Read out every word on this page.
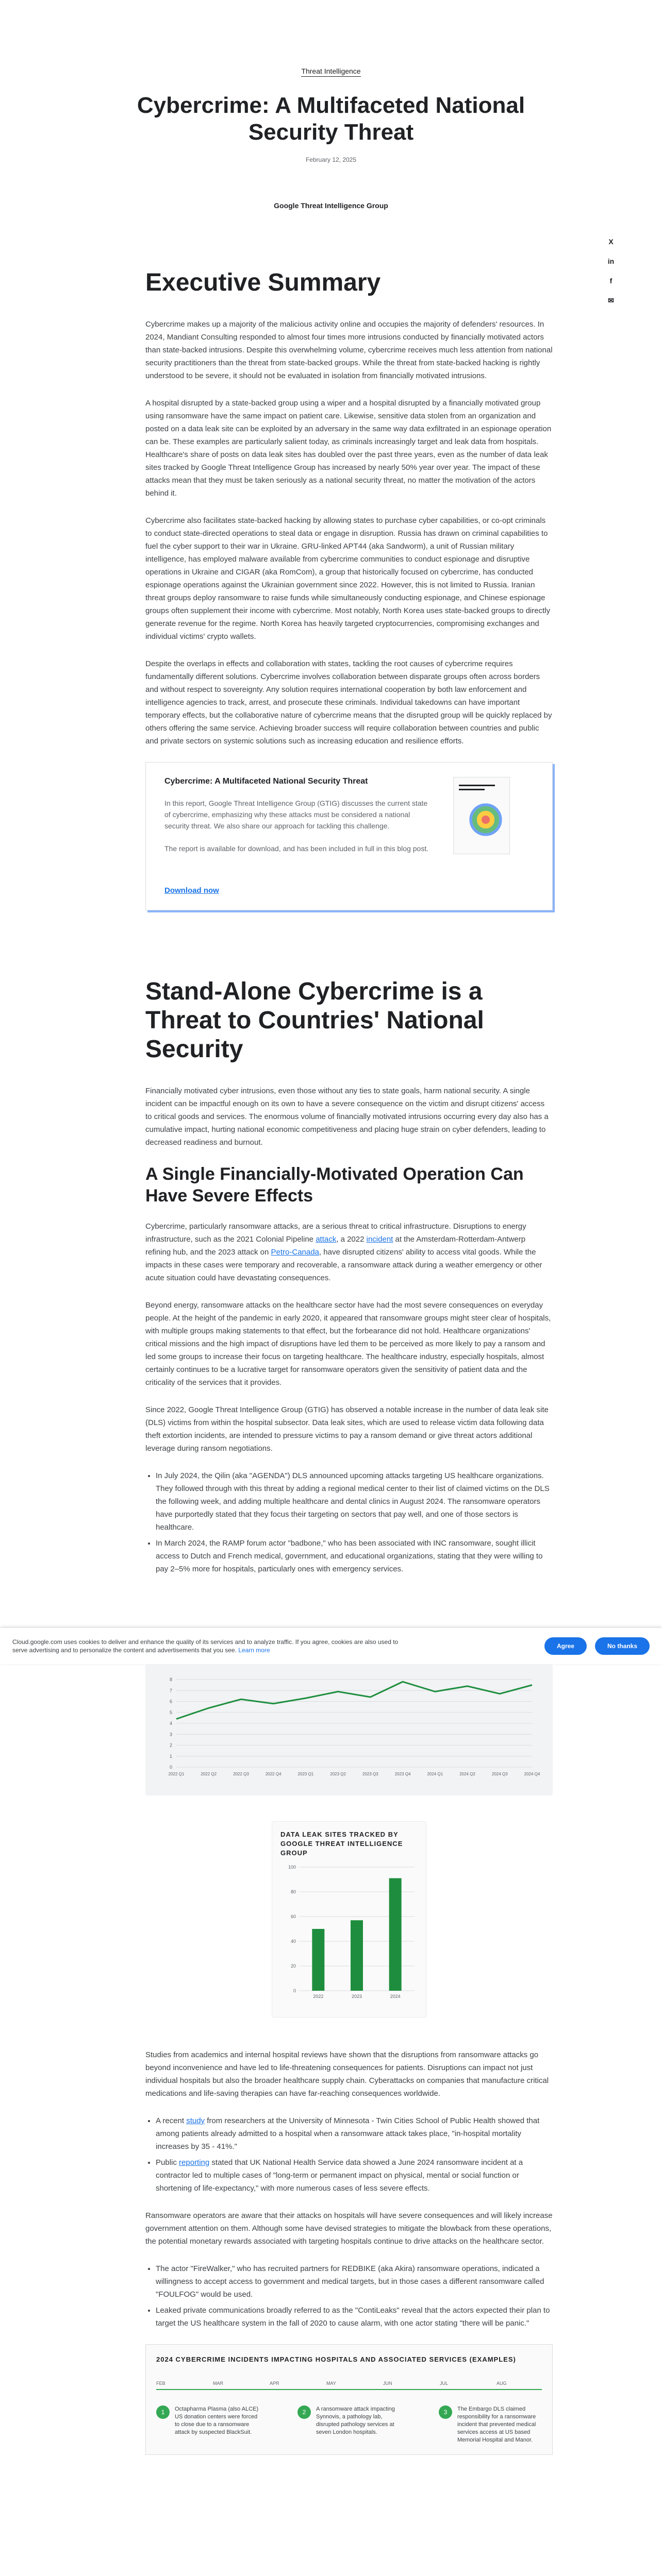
Threat Intelligence
Cybercrime: A Multifaceted National Security Threat
February 12, 2025
Google Threat Intelligence Group
X
in
f
✉
Executive Summary

Cybercrime makes up a majority of the malicious activity online and occupies the majority of defenders' resources. In 2024, Mandiant Consulting responded to almost four times more intrusions conducted by financially motivated actors than state-backed intrusions. Despite this overwhelming volume, cybercrime receives much less attention from national security practitioners than the threat from state-backed groups. While the threat from state-backed hacking is rightly understood to be severe, it should not be evaluated in isolation from financially motivated intrusions.

A hospital disrupted by a state-backed group using a wiper and a hospital disrupted by a financially motivated group using ransomware have the same impact on patient care. Likewise, sensitive data stolen from an organization and posted on a data leak site can be exploited by an adversary in the same way data exfiltrated in an espionage operation can be. These examples are particularly salient today, as criminals increasingly target and leak data from hospitals. Healthcare's share of posts on data leak sites has doubled over the past three years, even as the number of data leak sites tracked by Google Threat Intelligence Group has increased by nearly 50% year over year. The impact of these attacks mean that they must be taken seriously as a national security threat, no matter the motivation of the actors behind it.

Cybercrime also facilitates state-backed hacking by allowing states to purchase cyber capabilities, or co-opt criminals to conduct state-directed operations to steal data or engage in disruption. Russia has drawn on criminal capabilities to fuel the cyber support to their war in Ukraine. GRU-linked APT44 (aka Sandworm), a unit of Russian military intelligence, has employed malware available from cybercrime communities to conduct espionage and disruptive operations in Ukraine and CIGAR (aka RomCom), a group that historically focused on cybercrime, has conducted espionage operations against the Ukrainian government since 2022. However, this is not limited to Russia. Iranian threat groups deploy ransomware to raise funds while simultaneously conducting espionage, and Chinese espionage groups often supplement their income with cybercrime. Most notably, North Korea uses state-backed groups to directly generate revenue for the regime. North Korea has heavily targeted cryptocurrencies, compromising exchanges and individual victims' crypto wallets.

Despite the overlaps in effects and collaboration with states, tackling the root causes of cybercrime requires fundamentally different solutions. Cybercrime involves collaboration between disparate groups often across borders and without respect to sovereignty. Any solution requires international cooperation by both law enforcement and intelligence agencies to track, arrest, and prosecute these criminals. Individual takedowns can have important temporary effects, but the collaborative nature of cybercrime means that the disrupted group will be quickly replaced by others offering the same service. Achieving broader success will require collaboration between countries and public and private sectors on systemic solutions such as increasing education and resilience efforts.

Cybercrime: A Multifaceted National Security Threat
In this report, Google Threat Intelligence Group (GTIG) discusses the current state of cybercrime, emphasizing why these attacks must be considered a national security threat. We also share our approach for tackling this challenge.
The report is available for download, and has been included in full in this blog post.
Download now
Stand-Alone Cybercrime is a Threat to Countries' National Security

Financially motivated cyber intrusions, even those without any ties to state goals, harm national security. A single incident can be impactful enough on its own to have a severe consequence on the victim and disrupt citizens' access to critical goods and services. The enormous volume of financially motivated intrusions occurring every day also has a cumulative impact, hurting national economic competitiveness and placing huge strain on cyber defenders, leading to decreased readiness and burnout.

A Single Financially-Motivated Operation Can Have Severe Effects

Cybercrime, particularly ransomware attacks, are a serious threat to critical infrastructure. Disruptions to energy infrastructure, such as the 2021 Colonial Pipeline attack, a 2022 incident at the Amsterdam-Rotterdam-Antwerp refining hub, and the 2023 attack on Petro-Canada, have disrupted citizens' ability to access vital goods. While the impacts in these cases were temporary and recoverable, a ransomware attack during a weather emergency or other acute situation could have devastating consequences.

Beyond energy, ransomware attacks on the healthcare sector have had the most severe consequences on everyday people. At the height of the pandemic in early 2020, it appeared that ransomware groups might steer clear of hospitals, with multiple groups making statements to that effect, but the forbearance did not hold. Healthcare organizations' critical missions and the high impact of disruptions have led them to be perceived as more likely to pay a ransom and led some groups to increase their focus on targeting healthcare. The healthcare industry, especially hospitals, almost certainly continues to be a lucrative target for ransomware operators given the sensitivity of patient data and the criticality of the services that it provides.

Since 2022, Google Threat Intelligence Group (GTIG) has observed a notable increase in the number of data leak site (DLS) victims from within the hospital subsector. Data leak sites, which are used to release victim data following data theft extortion incidents, are intended to pressure victims to pay a ransom demand or give threat actors additional leverage during ransom negotiations.

• In July 2024, the Qilin (aka "AGENDA") DLS announced upcoming attacks targeting US healthcare organizations. They followed through with this threat by adding a regional medical center to their list of claimed victims on the DLS the following week, and adding multiple healthcare and dental clinics in August 2024. The ransomware operators have purportedly stated that they focus their targeting on sectors that pay well, and one of those sectors is healthcare.
• In March 2024, the RAMP forum actor "badbone," who has been associated with INC ransomware, sought illicit access to Dutch and French medical, government, and educational organizations, stating that they were willing to pay 2–5% more for hospitals, particularly ones with emergency services.
Cloud.google.com uses cookies to deliver and enhance the quality of its services and to analyze traffic. If you agree, cookies are also used to serve advertising and to personalize the content and advertisements that you see. Learn more
Agree	No thanks
0
1
2
3
4
5
6
7
8
2022 Q1	2022 Q2	2022 Q3	2022 Q4	2023 Q1	2023 Q2	2023 Q3	2023 Q4	2024 Q1	2024 Q2	2024 Q3	2024 Q4
DATA LEAK SITES TRACKED BY GOOGLE THREAT INTELLIGENCE GROUP
0
20
40
60
80
100
2022	2023	2024

Studies from academics and internal hospital reviews have shown that the disruptions from ransomware attacks go beyond inconvenience and have led to life-threatening consequences for patients. Disruptions can impact not just individual hospitals but also the broader healthcare supply chain. Cyberattacks on companies that manufacture critical medications and life-saving therapies can have far-reaching consequences worldwide.

• A recent study from researchers at the University of Minnesota - Twin Cities School of Public Health showed that among patients already admitted to a hospital when a ransomware attack takes place, "in-hospital mortality increases by 35 - 41%."
• Public reporting stated that UK National Health Service data showed a June 2024 ransomware incident at a contractor led to multiple cases of "long-term or permanent impact on physical, mental or social function or shortening of life-expectancy," with more numerous cases of less severe effects.

Ransomware operators are aware that their attacks on hospitals will have severe consequences and will likely increase government attention on them. Although some have devised strategies to mitigate the blowback from these operations, the potential monetary rewards associated with targeting hospitals continue to drive attacks on the healthcare sector.

• The actor "FireWalker," who has recruited partners for REDBIKE (aka Akira) ransomware operations, indicated a willingness to accept access to government and medical targets, but in those cases a different ransomware called "FOULFOG" would be used.
• Leaked private communications broadly referred to as the "ContiLeaks" reveal that the actors expected their plan to target the US healthcare system in the fall of 2020 to cause alarm, with one actor stating "there will be panic."
2024 CYBERCRIME INCIDENTS IMPACTING HOSPITALS AND ASSOCIATED SERVICES (EXAMPLES)
FEB	MAR	APR	MAY	JUN	JUL	AUG
1	Octapharma Plasma (also ALCE) US donation centers were forced to close due to a ransomware attack by suspected BlackSuit.
2	A ransomware attack impacting Synnovis, a pathology lab, disrupted pathology services at seven London hospitals.
3	The Embargo DLS claimed responsibility for a ransomware incident that prevented medical services access at US based Memorial Hospital and Manor.
